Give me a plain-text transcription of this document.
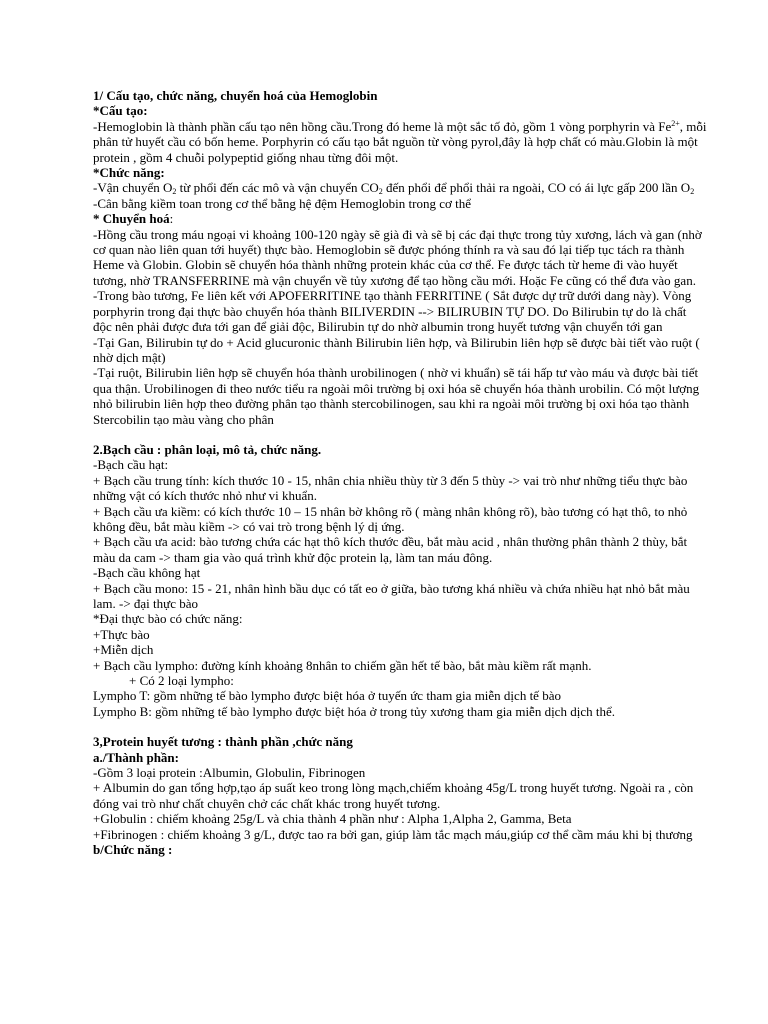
1/ Cấu tạo, chức năng, chuyển hoá của Hemoglobin
*Cấu tạo:
-Hemoglobin là thành phần cấu tạo nên hồng cầu.Trong đó heme là một sắc tố đỏ, gồm 1 vòng porphyrin và $Fe^{2+}$, mỗi phân tử huyết cầu có bốn heme. Porphyrin có cấu tạo bắt nguồn từ vòng pyrol,đây là hợp chất có màu.Globin là một protein , gồm 4 chuỗi polypeptid giống nhau từng đôi một.
*Chức năng:
-Vận chuyển $O_2$ từ phổi đến các mô và vận chuyển $CO_2$ đến phổi để phổi thải ra ngoài, CO có ái lực gấp 200 lần $O_2$
-Cân bằng kiềm toan trong cơ thể bằng hệ đệm Hemoglobin trong cơ thể
* Chuyển hoá:
-Hồng cầu trong máu ngoại vi khoảng 100-120 ngày sẽ già đi và sẽ bị các đại thực trong tủy xương, lách và gan (nhờ cơ quan nào liên quan tới huyết) thực bào. Hemoglobin sẽ được phóng thính ra và sau đó lại tiếp tục tách ra thành Heme và Globin. Globin sẽ chuyển hóa thành những protein khác của cơ thể. Fe được tách từ heme đi vào huyết tương, nhờ TRANSFERRINE mà vận chuyển về tủy xương để tạo hồng cầu mới. Hoặc Fe cũng có thể đưa vào gan.
-Trong bào tương, Fe liên kết với APOFERRITINE tạo thành FERRITINE ( Sắt được dự trữ dưới dang này). Vòng porphyrin trong đại thực bào chuyển hóa thành BILIVERDIN --> BILIRUBIN TỰ DO. Do Bilirubin tự do là chất độc nên phải được đưa tới gan để giải độc, Bilirubin tự do nhờ albumin trong huyết tương vận chuyển tới gan
-Tại Gan, Bilirubin tự do + Acid glucuronic thành Bilirubin liên hợp, và Bilirubin liên hợp sẽ được bài tiết vào ruột ( nhờ dịch mật)
-Tại ruột, Bilirubin liên hợp sẽ chuyển hóa thành urobilinogen ( nhờ vi khuẩn) sẽ tái hấp tư vào máu và được bài tiết qua thận. Urobilinogen đi theo nước tiểu ra ngoài môi trường bị oxi hóa sẽ chuyển hóa thành urobilin. Có một lượng nhỏ bilirubin liên hợp theo đường phân tạo thành stercobilinogen, sau khi ra ngoài môi trường bị oxi hóa tạo thành Stercobilin tạo màu vàng cho phân
2.Bạch cầu : phân loại, mô tả, chức năng.
-Bạch cầu hạt:
+ Bạch cầu trung tính: kích thước 10 - 15, nhân chia nhiều thùy từ 3 đến 5 thùy -> vai trò như những tiểu thực bào những vật có kích thước nhỏ như vi khuẩn.
+ Bạch cầu ưa kiềm: có kích thước 10 – 15 nhân bờ không rõ ( màng nhân không rõ), bào tương có hạt thô, to nhỏ không đều, bắt màu kiềm -> có vai trò trong bệnh lý dị ứng.
+ Bạch cầu ưa acid: bào tương chứa các hạt thô kích thước đều, bắt màu acid , nhân thường phân thành 2 thùy, bắt màu da cam -> tham gia vào quá trình khử độc protein lạ, làm tan máu đông.
-Bạch cầu không hạt
+ Bạch cầu mono: 15 - 21, nhân hình bầu dục có tất eo ở giữa, bào tương khá nhiều và chứa nhiều hạt nhỏ bắt màu lam. -> đại thực bào
*Đại thực bào có chức năng:
+Thực bào
+Miễn dịch
+ Bạch cầu lympho: đường kính khoảng 8nhân to chiếm gần hết tế bào, bắt màu kiềm rất mạnh.
+ Có 2 loại lympho:
Lympho T: gồm những tế bào lympho được biệt hóa ở tuyến ức tham gia miễn dịch tế bào
Lympho B: gồm những tế bào lympho được biệt hóa ở trong tủy xương tham gia miễn dịch dịch thể.
3,Protein huyết tương : thành phần ,chức năng
a./Thành phần:
-Gồm 3 loại protein :Albumin, Globulin, Fibrinogen
+ Albumin do gan tổng hợp,tạo áp suất keo trong lòng mạch,chiếm khoảng 45g/L trong huyết tương. Ngoài ra , còn đóng vai trò như chất chuyên chở các chất khác trong huyết tương.
+Globulin : chiếm khoảng 25g/L và chia thành 4 phần như : Alpha 1,Alpha 2, Gamma, Beta
+Fibrinogen : chiếm khoảng 3 g/L, được tao ra bởi gan, giúp làm tắc mạch máu,giúp cơ thể cầm máu khi bị thương
b/Chức năng :
